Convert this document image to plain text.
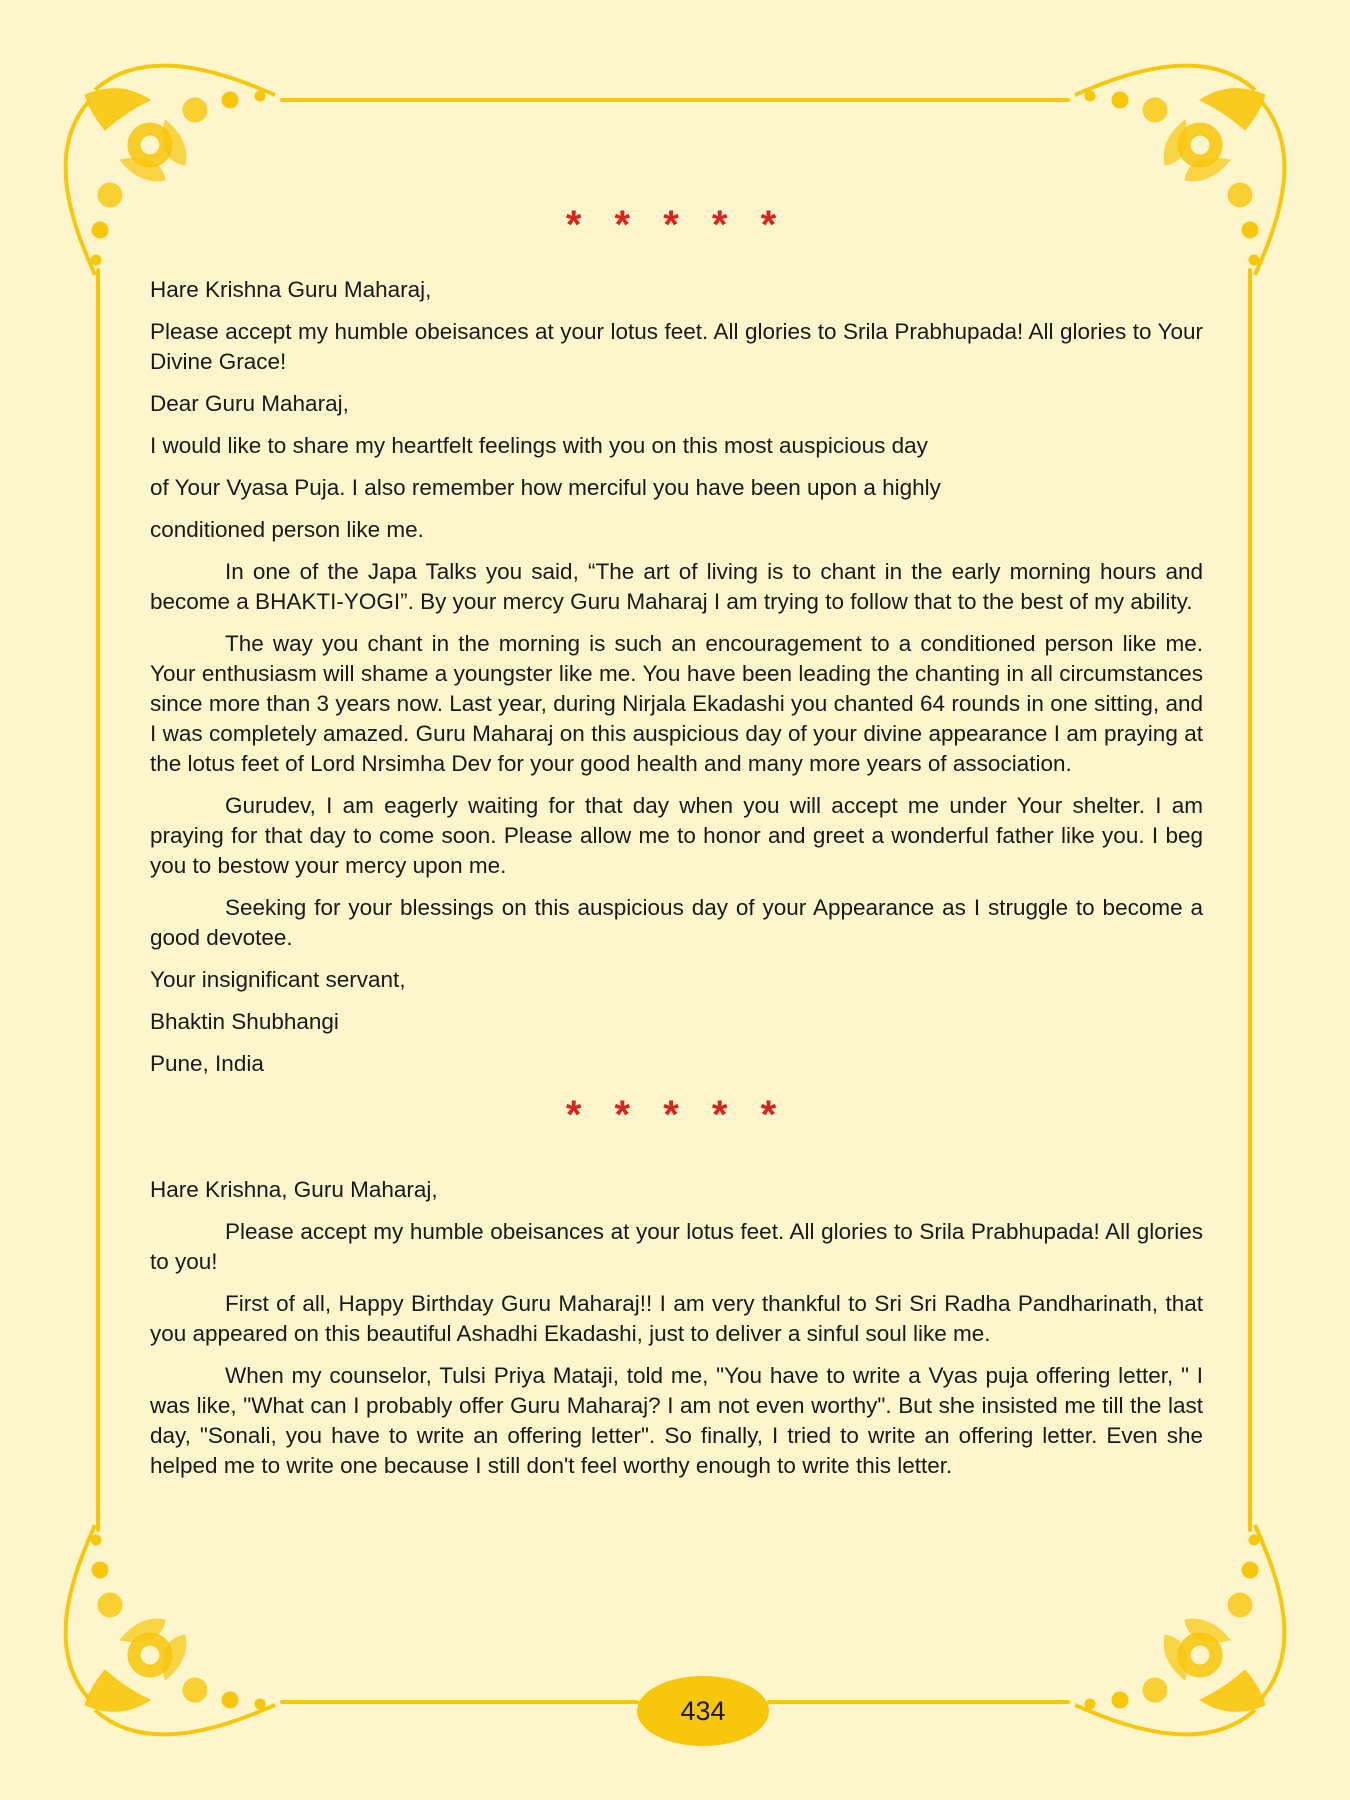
* * * * *

Hare Krishna Guru Maharaj,

Please accept my humble obeisances at your lotus feet. All glories to Srila Prabhupada! All glories to Your Divine Grace!

Dear Guru Maharaj,

I would like to share my heartfelt feelings with you on this most auspicious day

of Your Vyasa Puja. I also remember how merciful you have been upon a highly

conditioned person like me.

In one of the Japa Talks you said, “The art of living is to chant in the early morning hours and become a BHAKTI-YOGI”. By your mercy Guru Maharaj I am trying to follow that to the best of my ability.

The way you chant in the morning is such an encouragement to a conditioned person like me. Your enthusiasm will shame a youngster like me. You have been leading the chanting in all circumstances since more than 3 years now. Last year, during Nirjala Ekadashi you chanted 64 rounds in one sitting, and I was completely amazed. Guru Maharaj on this auspicious day of your divine appearance I am praying at the lotus feet of Lord Nrsimha Dev for your good health and many more years of association.

Gurudev, I am eagerly waiting for that day when you will accept me under Your shelter. I am praying for that day to come soon. Please allow me to honor and greet a wonderful father like you. I beg you to bestow your mercy upon me.

Seeking for your blessings on this auspicious day of your Appearance as I struggle to become a good devotee.

Your insignificant servant,

Bhaktin Shubhangi

Pune, India

* * * * *

Hare Krishna, Guru Maharaj,

Please accept my humble obeisances at your lotus feet. All glories to Srila Prabhupada! All glories to you!

First of all, Happy Birthday Guru Maharaj!! I am very thankful to Sri Sri Radha Pandharinath, that you appeared on this beautiful Ashadhi Ekadashi, just to deliver a sinful soul like me.

When my counselor, Tulsi Priya Mataji, told me, "You have to write a Vyas puja offering letter, " I was like, "What can I probably offer Guru Maharaj? I am not even worthy". But she insisted me till the last day, "Sonali, you have to write an offering letter". So finally, I tried to write an offering letter. Even she helped me to write one because I still don't feel worthy enough to write this letter.

434
